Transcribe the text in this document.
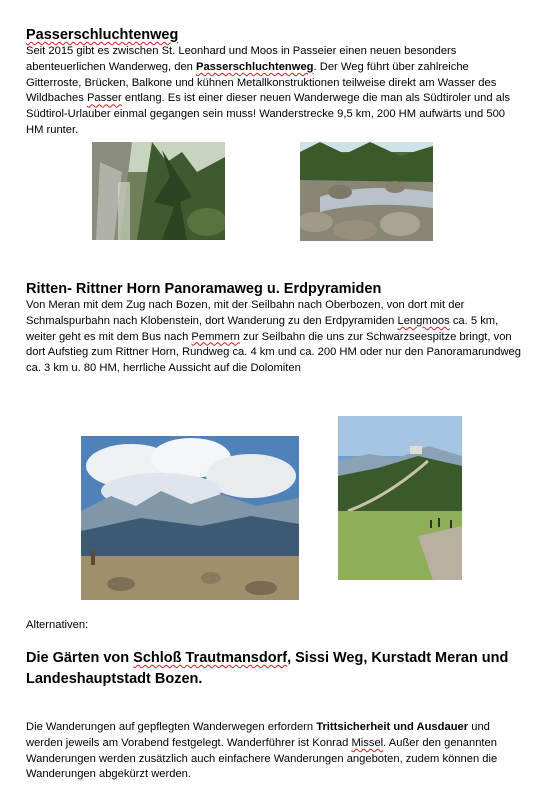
Passerschluchtenweg
Seit 2015 gibt es zwischen St. Leonhard und Moos in Passeier einen neuen besonders abenteuerlichen Wanderweg, den Passerschluchtenweg. Der Weg führt über zahlreiche Gitterroste, Brücken, Balkone und kühnen Metallkonstruktionen teilweise direkt am Wasser des Wildbaches Passer entlang. Es ist einer dieser neuen Wanderwege die man als Südtiroler und als Südtirol-Urlauber einmal gegangen sein muss! Wanderstrecke 9,5 km, 200 HM aufwärts und 500 HM runter.
Ritten- Rittner Horn Panoramaweg u. Erdpyramiden
Von Meran mit dem Zug nach Bozen, mit der Seilbahn nach Oberbozen, von dort mit der Schmalspurbahn nach Klobenstein, dort Wanderung zu den Erdpyramiden Lengmoos ca. 5 km, weiter geht es mit dem Bus nach Pemmern zur Seilbahn die uns zur Schwarzseespitze bringt, von dort Aufstieg zum Rittner Horn, Rundweg ca. 4 km und ca. 200 HM oder nur den Panoramarundweg ca. 3 km u. 80 HM, herrliche Aussicht auf die Dolomiten
Alternativen:
Die Gärten von Schloß Trautmansdorf, Sissi Weg, Kurstadt Meran und Landeshauptstadt Bozen.
Die Wanderungen auf gepflegten Wanderwegen erfordern Trittsicherheit und Ausdauer und werden jeweils am Vorabend festgelegt. Wanderführer ist Konrad Missel. Außer den genannten Wanderungen werden zusätzlich auch einfachere Wanderungen angeboten, zudem können die Wanderungen abgekürzt werden.
